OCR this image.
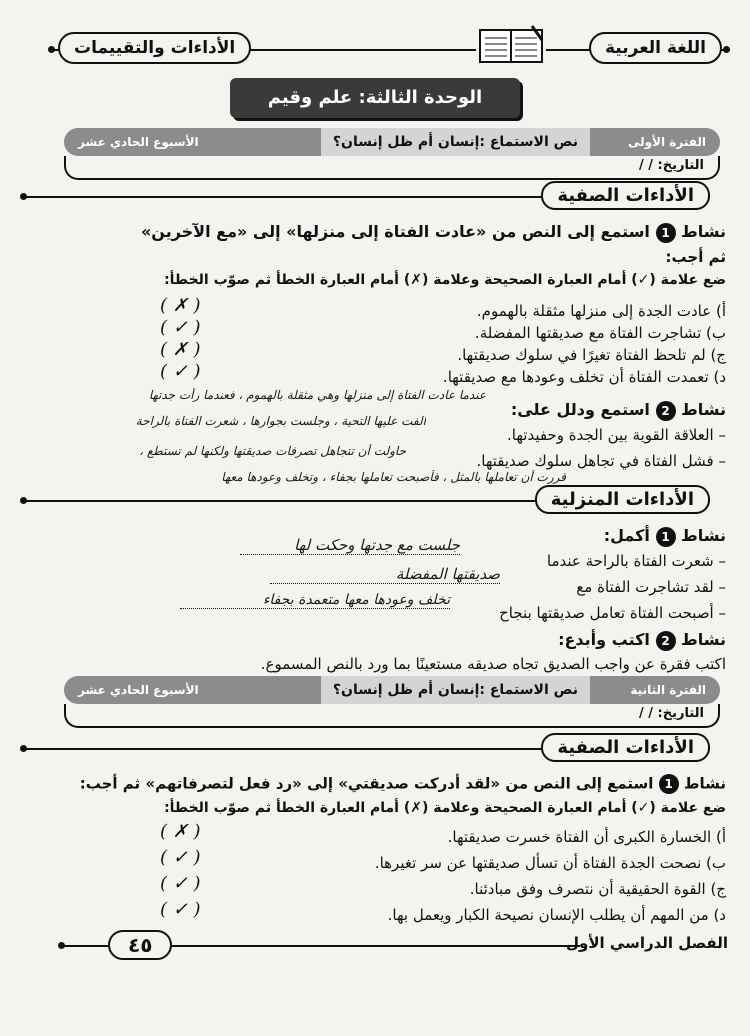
اللغة العربية
الأداءات والتقييمات
الوحدة الثالثة: علم وقيم
الفترة الأولى
نص الاستماع :إنسان أم ظل إنسان؟
الأسبوع الحادي عشر
التاريخ: / /
الأداءات الصفية
نشاط 1 استمع إلى النص من «عادت الفتاة إلى منزلها» إلى «مع الآخرين»
ثم أجب:
ضع علامة (✓) أمام العبارة الصحيحة وعلامة (✗) أمام العبارة الخطأ ثم صوّب الخطأ:
أ) عادت الجدة إلى منزلها مثقلة بالهموم.
( ✗ )
ب) تشاجرت الفتاة مع صديقتها المفضلة.
( ✓ )
ج) لم تلحظ الفتاة تغيرًا في سلوك صديقتها.
( ✗ )
د) تعمدت الفتاة أن تخلف وعودها مع صديقتها.
( ✓ )
نشاط 2 استمع ودلل على:
عندما عادت الفتاة إلى منزلها وهي مثقلة بالهموم ، فعندما رأت جدتها
– العلاقة القوية بين الجدة وحفيدتها.
الفت عليها التحية ، وجلست بجوارها ، شعرت الفتاة بالراحة
– فشل الفتاة في تجاهل سلوك صديقتها.
حاولت أن تتجاهل تصرفات صديقتها ولكنها لم تستطع ،
قررت أن تعاملها بالمثل ، فأصبحت تعاملها بجفاء ، وتخلف وعودها معها
الأداءات المنزلية
نشاط 1 أكمل:
– شعرت الفتاة بالراحة عندما
جلست مع جدتها وحكت لها
– لقد تشاجرت الفتاة مع
صديقتها المفضلة
– أصبحت الفتاة تعامل صديقتها بنجاح
تخلف وعودها معها متعمدة بجفاء
نشاط 2 اكتب وأبدع:
اكتب فقرة عن واجب الصديق تجاه صديقه مستعينًا بما ورد بالنص المسموع.
الفترة الثانية
نص الاستماع :إنسان أم ظل إنسان؟
الأسبوع الحادي عشر
التاريخ: / /
الأداءات الصفية
نشاط 1 استمع إلى النص من «لقد أدركت صديقتي» إلى «رد فعل لتصرفاتهم» ثم أجب:
ضع علامة (✓) أمام العبارة الصحيحة وعلامة (✗) أمام العبارة الخطأ ثم صوّب الخطأ:
أ) الخسارة الكبرى أن الفتاة خسرت صديقتها.
( ✗ )
ب) نصحت الجدة الفتاة أن تسأل صديقتها عن سر تغيرها.
( ✓ )
ج) القوة الحقيقية أن نتصرف وفق مبادئنا.
( ✓ )
د) من المهم أن يطلب الإنسان نصيحة الكبار ويعمل بها.
( ✓ )
الفصل الدراسي الأول
٤٥
